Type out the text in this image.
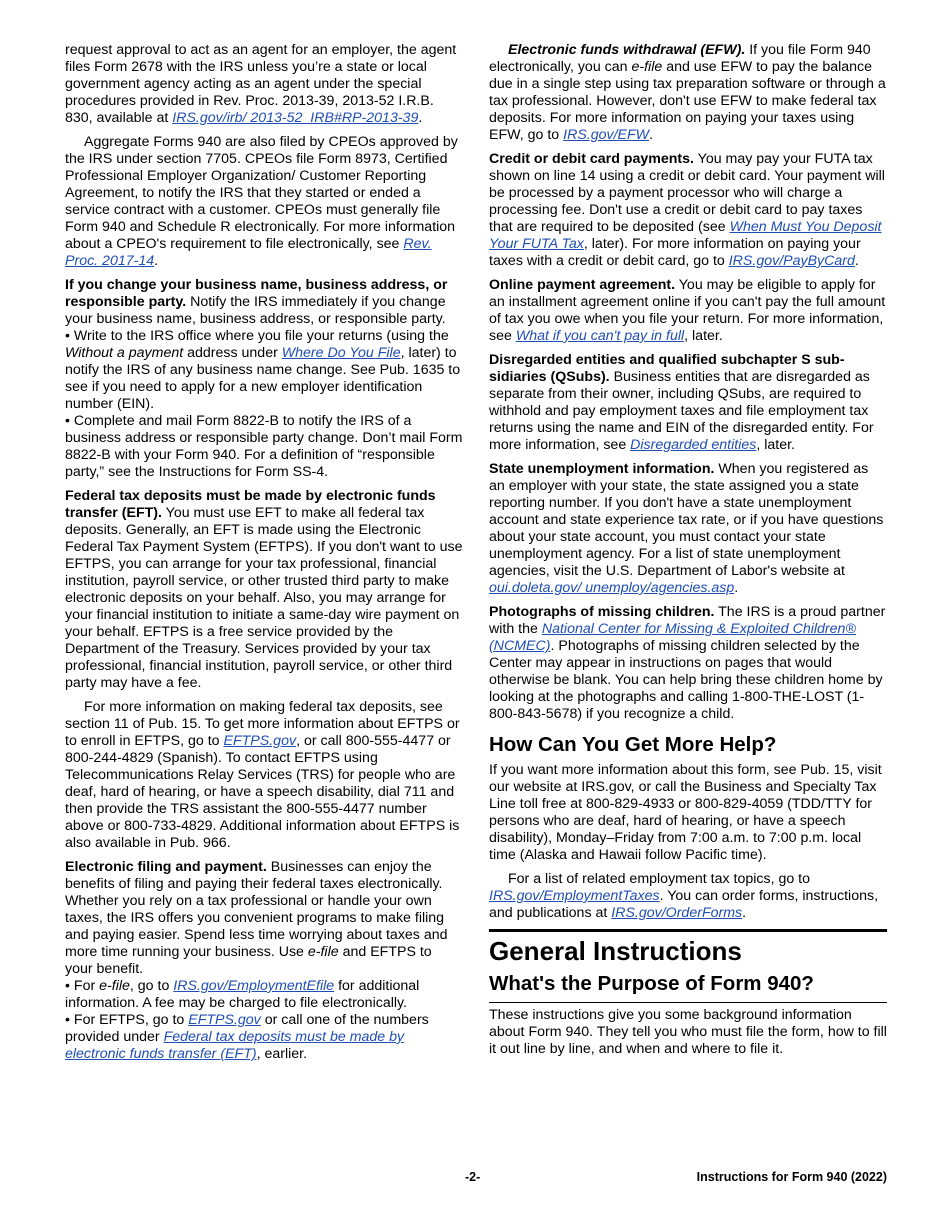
request approval to act as an agent for an employer, the agent files Form 2678 with the IRS unless you’re a state or local government agency acting as an agent under the special procedures provided in Rev. Proc. 2013-39, 2013-52 I.R.B. 830, available at IRS.gov/irb/ 2013-52_IRB#RP-2013-39.

Aggregate Forms 940 are also filed by CPEOs approved by the IRS under section 7705. CPEOs file Form 8973, Certified Professional Employer Organization/ Customer Reporting Agreement, to notify the IRS that they started or ended a service contract with a customer. CPEOs must generally file Form 940 and Schedule R electronically. For more information about a CPEO's requirement to file electronically, see Rev. Proc. 2017-14.

If you change your business name, business address, or responsible party. Notify the IRS immediately if you change your business name, business address, or responsible party.

• Write to the IRS office where you file your returns (using the Without a payment address under Where Do You File, later) to notify the IRS of any business name change. See Pub. 1635 to see if you need to apply for a new employer identification number (EIN).

• Complete and mail Form 8822-B to notify the IRS of a business address or responsible party change. Don’t mail Form 8822-B with your Form 940. For a definition of “responsible party,” see the Instructions for Form SS-4.

Federal tax deposits must be made by electronic funds transfer (EFT). You must use EFT to make all federal tax deposits. Generally, an EFT is made using the Electronic Federal Tax Payment System (EFTPS). If you don't want to use EFTPS, you can arrange for your tax professional, financial institution, payroll service, or other trusted third party to make electronic deposits on your behalf. Also, you may arrange for your financial institution to initiate a same-day wire payment on your behalf. EFTPS is a free service provided by the Department of the Treasury. Services provided by your tax professional, financial institution, payroll service, or other third party may have a fee.

For more information on making federal tax deposits, see section 11 of Pub. 15. To get more information about EFTPS or to enroll in EFTPS, go to EFTPS.gov, or call 800-555-4477 or 800-244-4829 (Spanish). To contact EFTPS using Telecommunications Relay Services (TRS) for people who are deaf, hard of hearing, or have a speech disability, dial 711 and then provide the TRS assistant the 800-555-4477 number above or 800-733-4829. Additional information about EFTPS is also available in Pub. 966.

Electronic filing and payment. Businesses can enjoy the benefits of filing and paying their federal taxes electronically. Whether you rely on a tax professional or handle your own taxes, the IRS offers you convenient programs to make filing and paying easier. Spend less time worrying about taxes and more time running your business. Use e-file and EFTPS to your benefit.

• For e-file, go to IRS.gov/EmploymentEfile for additional information. A fee may be charged to file electronically.

• For EFTPS, go to EFTPS.gov or call one of the numbers provided under Federal tax deposits must be made by electronic funds transfer (EFT), earlier.

Electronic funds withdrawal (EFW). If you file Form 940 electronically, you can e-file and use EFW to pay the balance due in a single step using tax preparation software or through a tax professional. However, don't use EFW to make federal tax deposits. For more information on paying your taxes using EFW, go to IRS.gov/EFW.

Credit or debit card payments. You may pay your FUTA tax shown on line 14 using a credit or debit card. Your payment will be processed by a payment processor who will charge a processing fee. Don't use a credit or debit card to pay taxes that are required to be deposited (see When Must You Deposit Your FUTA Tax, later). For more information on paying your taxes with a credit or debit card, go to IRS.gov/PayByCard.

Online payment agreement. You may be eligible to apply for an installment agreement online if you can't pay the full amount of tax you owe when you file your return. For more information, see What if you can't pay in full, later.

Disregarded entities and qualified subchapter S subsidiaries (QSubs). Business entities that are disregarded as separate from their owner, including QSubs, are required to withhold and pay employment taxes and file employment tax returns using the name and EIN of the disregarded entity. For more information, see Disregarded entities, later.

State unemployment information. When you registered as an employer with your state, the state assigned you a state reporting number. If you don't have a state unemployment account and state experience tax rate, or if you have questions about your state account, you must contact your state unemployment agency. For a list of state unemployment agencies, visit the U.S. Department of Labor's website at oui.doleta.gov/ unemploy/agencies.asp.

Photographs of missing children. The IRS is a proud partner with the National Center for Missing & Exploited Children® (NCMEC). Photographs of missing children selected by the Center may appear in instructions on pages that would otherwise be blank. You can help bring these children home by looking at the photographs and calling 1-800-THE-LOST (1-800-843-5678) if you recognize a child.

How Can You Get More Help?

If you want more information about this form, see Pub. 15, visit our website at IRS.gov, or call the Business and Specialty Tax Line toll free at 800-829-4933 or 800-829-4059 (TDD/TTY for persons who are deaf, hard of hearing, or have a speech disability), Monday–Friday from 7:00 a.m. to 7:00 p.m. local time (Alaska and Hawaii follow Pacific time).

For a list of related employment tax topics, go to IRS.gov/EmploymentTaxes. You can order forms, instructions, and publications at IRS.gov/OrderForms.

General Instructions
What's the Purpose of Form 940?

These instructions give you some background information about Form 940. They tell you who must file the form, how to fill it out line by line, and when and where to file it.

-2-	Instructions for Form 940 (2022)
